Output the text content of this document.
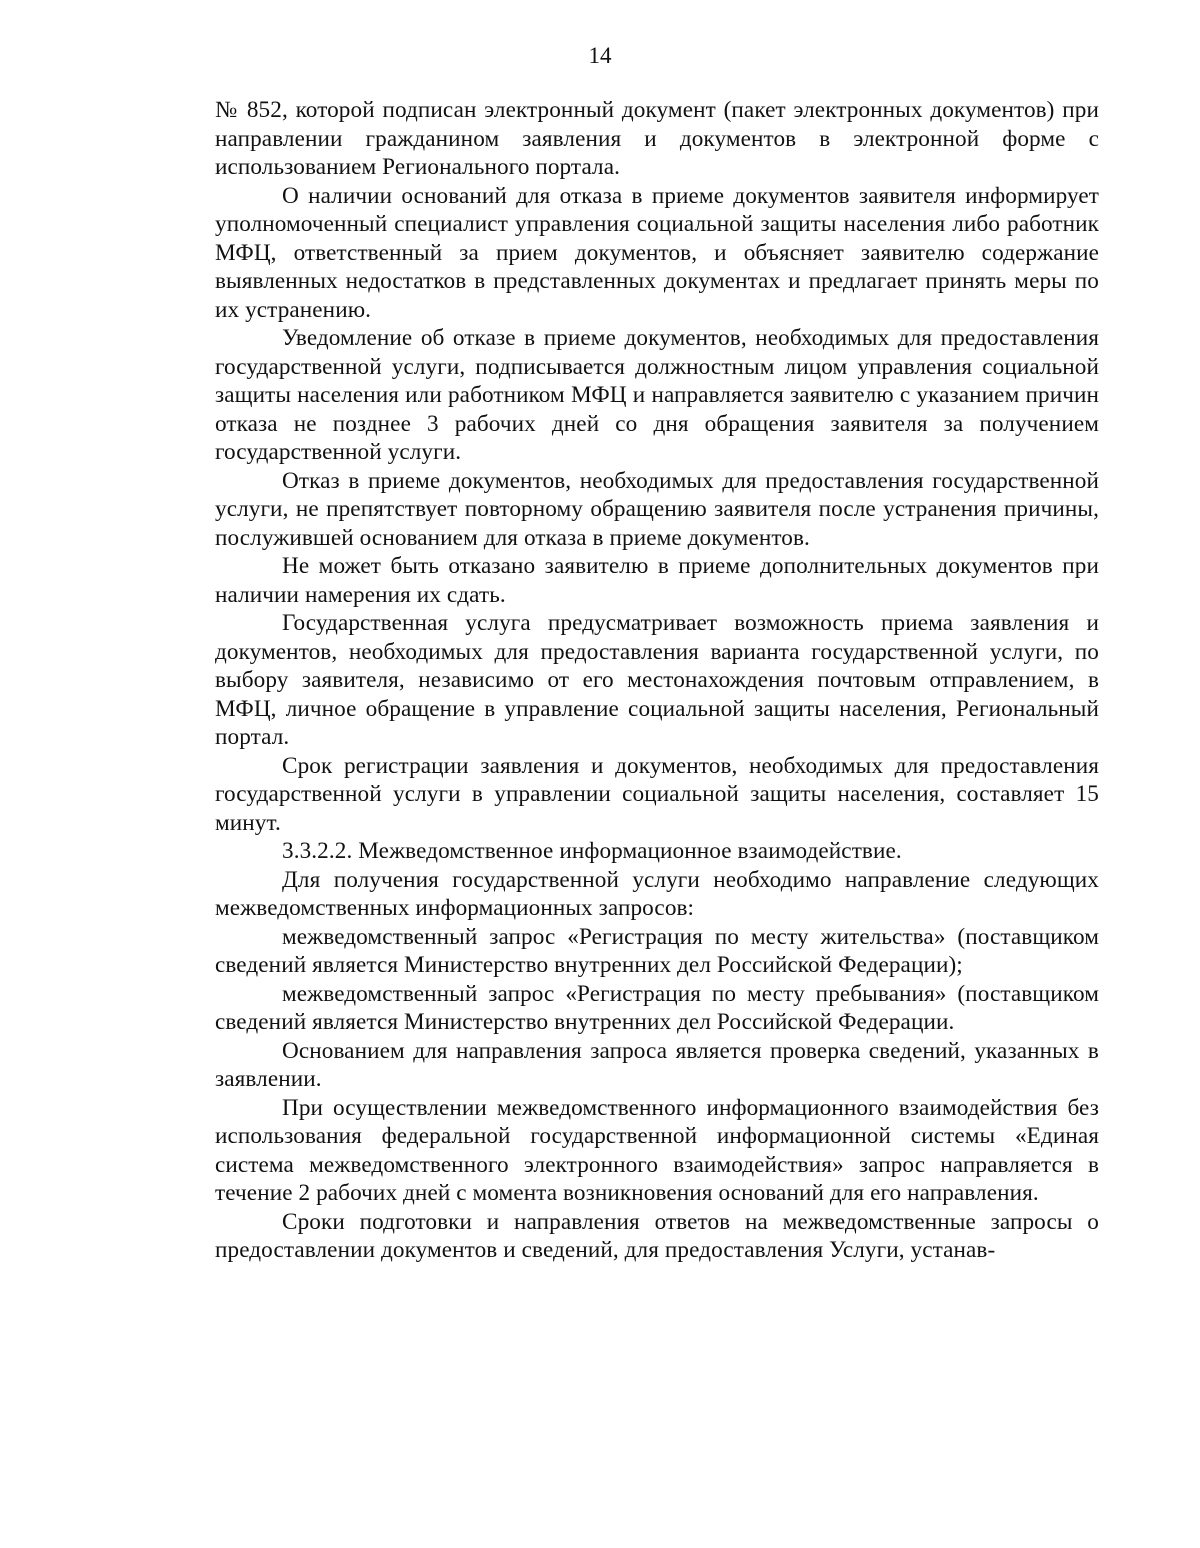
14

№ 852, которой подписан электронный документ (пакет электронных документов) при направлении гражданином заявления и документов в электронной форме с использованием Регионального портала.

О наличии оснований для отказа в приеме документов заявителя информирует уполномоченный специалист управления социальной защиты населения либо работник МФЦ, ответственный за прием документов, и объясняет заявителю содержание выявленных недостатков в представленных документах и предлагает принять меры по их устранению.

Уведомление об отказе в приеме документов, необходимых для предоставления государственной услуги, подписывается должностным лицом управления социальной защиты населения или работником МФЦ и направляется заявителю с указанием причин отказа не позднее 3 рабочих дней со дня обращения заявителя за получением государственной услуги.

Отказ в приеме документов, необходимых для предоставления государственной услуги, не препятствует повторному обращению заявителя после устранения причины, послужившей основанием для отказа в приеме документов.

Не может быть отказано заявителю в приеме дополнительных документов при наличии намерения их сдать.

Государственная услуга предусматривает возможность приема заявления и документов, необходимых для предоставления варианта государственной услуги, по выбору заявителя, независимо от его местонахождения почтовым отправлением, в МФЦ, личное обращение в управление социальной защиты населения, Региональный портал.

Срок регистрации заявления и документов, необходимых для предоставления государственной услуги в управлении социальной защиты населения, составляет 15 минут.

3.3.2.2. Межведомственное информационное взаимодействие.

Для получения государственной услуги необходимо направление следующих межведомственных информационных запросов:

межведомственный запрос «Регистрация по месту жительства» (поставщиком сведений является Министерство внутренних дел Российской Федерации);

межведомственный запрос «Регистрация по месту пребывания» (поставщиком сведений является Министерство внутренних дел Российской Федерации.

Основанием для направления запроса является проверка сведений, указанных в заявлении.

При осуществлении межведомственного информационного взаимодействия без использования федеральной государственной информационной системы «Единая система межведомственного электронного взаимодействия» запрос направляется в течение 2 рабочих дней с момента возникновения оснований для его направления.

Сроки подготовки и направления ответов на межведомственные запросы о предоставлении документов и сведений, для предоставления Услуги, устанав-
